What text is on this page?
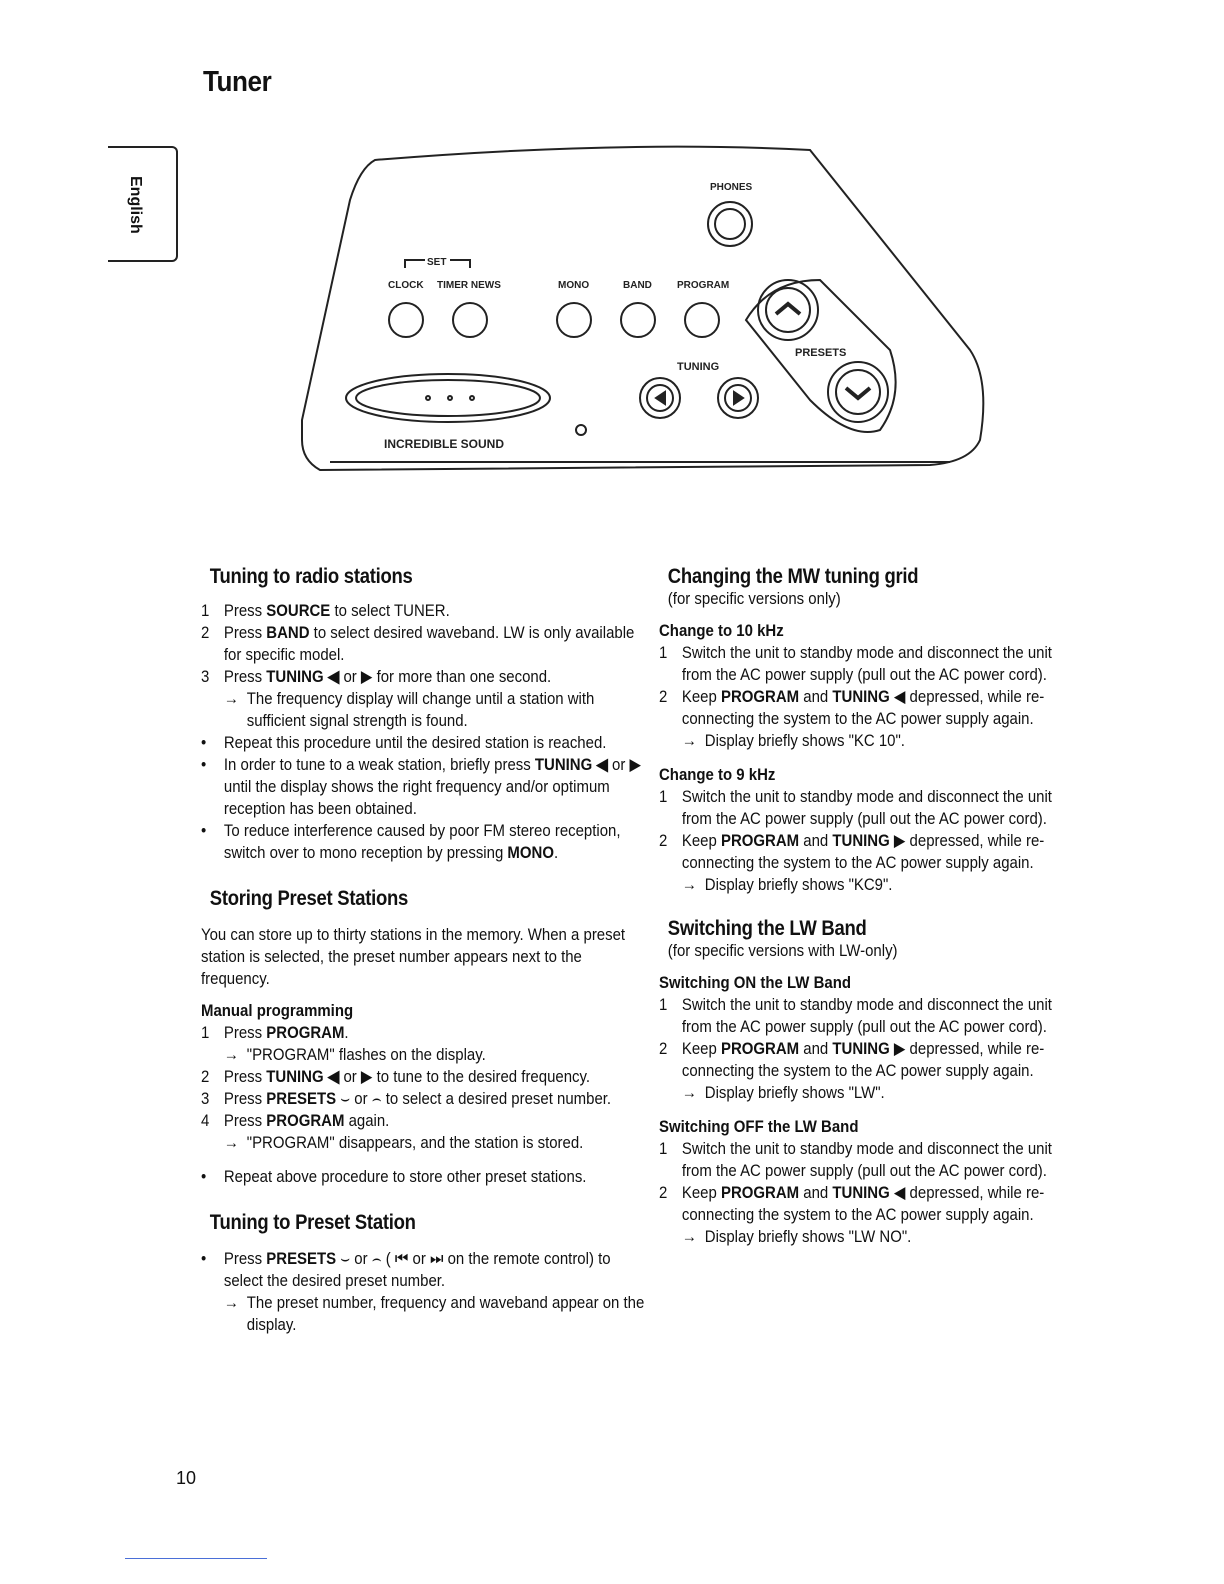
Tuner
English	PHONES
SET
CLOCK TIMER NEWS	MONO	BAND	PROGRAM
PRESETS
TUNING
INCREDIBLE SOUND
Tuning to radio stations
1 Press SOURCE to select TUNER.
2 Press BAND to select desired waveband. LW is only available for specific model.
3 Press TUNING ◀ or ▶ for more than one second.
→ The frequency display will change until a station with sufficient signal strength is found.
•	Repeat this procedure until the desired station is reached.
•	In order to tune to a weak station, briefly press TUNING ◀ or ▶ until the display shows the right frequency and/or optimum reception has been obtained.
•	To reduce interference caused by poor FM stereo reception, switch over to mono reception by pressing MONO.
Storing Preset Stations

You can store up to thirty stations in the memory. When a preset station is selected, the preset number appears next to the frequency.

Manual programming
1 Press PROGRAM.
→ "PROGRAM" flashes on the display.
2 Press TUNING ◀ or ▶ to tune to the desired frequency.
3 Press PRESETS ⌣ or ⌢ to select a desired preset number.
4 Press PROGRAM again.
→ "PROGRAM" disappears, and the station is stored.
•	Repeat above procedure to store other preset stations.
Tuning to Preset Station
•	Press PRESETS ⌣ or ⌢ ( ⏮ or ⏭ on the remote control) to select the desired preset number.
→ The preset number, frequency and waveband appear on the display.
Changing the MW tuning grid

(for specific versions only)

Change to 10 kHz
1 Switch the unit to standby mode and disconnect the unit from the AC power supply (pull out the AC power cord).
2 Keep PROGRAM and TUNING ◀ depressed, while re-connecting the system to the AC power supply again.
→ Display briefly shows "KC 10".
Change to 9 kHz
1 Switch the unit to standby mode and disconnect the unit from the AC power supply (pull out the AC power cord).
2 Keep PROGRAM and TUNING ▶ depressed, while re-connecting the system to the AC power supply again.
→ Display briefly shows "KC9".
Switching the LW Band

(for specific versions with LW-only)

Switching ON the LW Band
1 Switch the unit to standby mode and disconnect the unit from the AC power supply (pull out the AC power cord).
2 Keep PROGRAM and TUNING ▶ depressed, while re-connecting the system to the AC power supply again.
→ Display briefly shows "LW".
Switching OFF the LW Band
1 Switch the unit to standby mode and disconnect the unit from the AC power supply (pull out the AC power cord).
2 Keep PROGRAM and TUNING ◀ depressed, while re-connecting the system to the AC power supply again.
→ Display briefly shows "LW NO".
10
